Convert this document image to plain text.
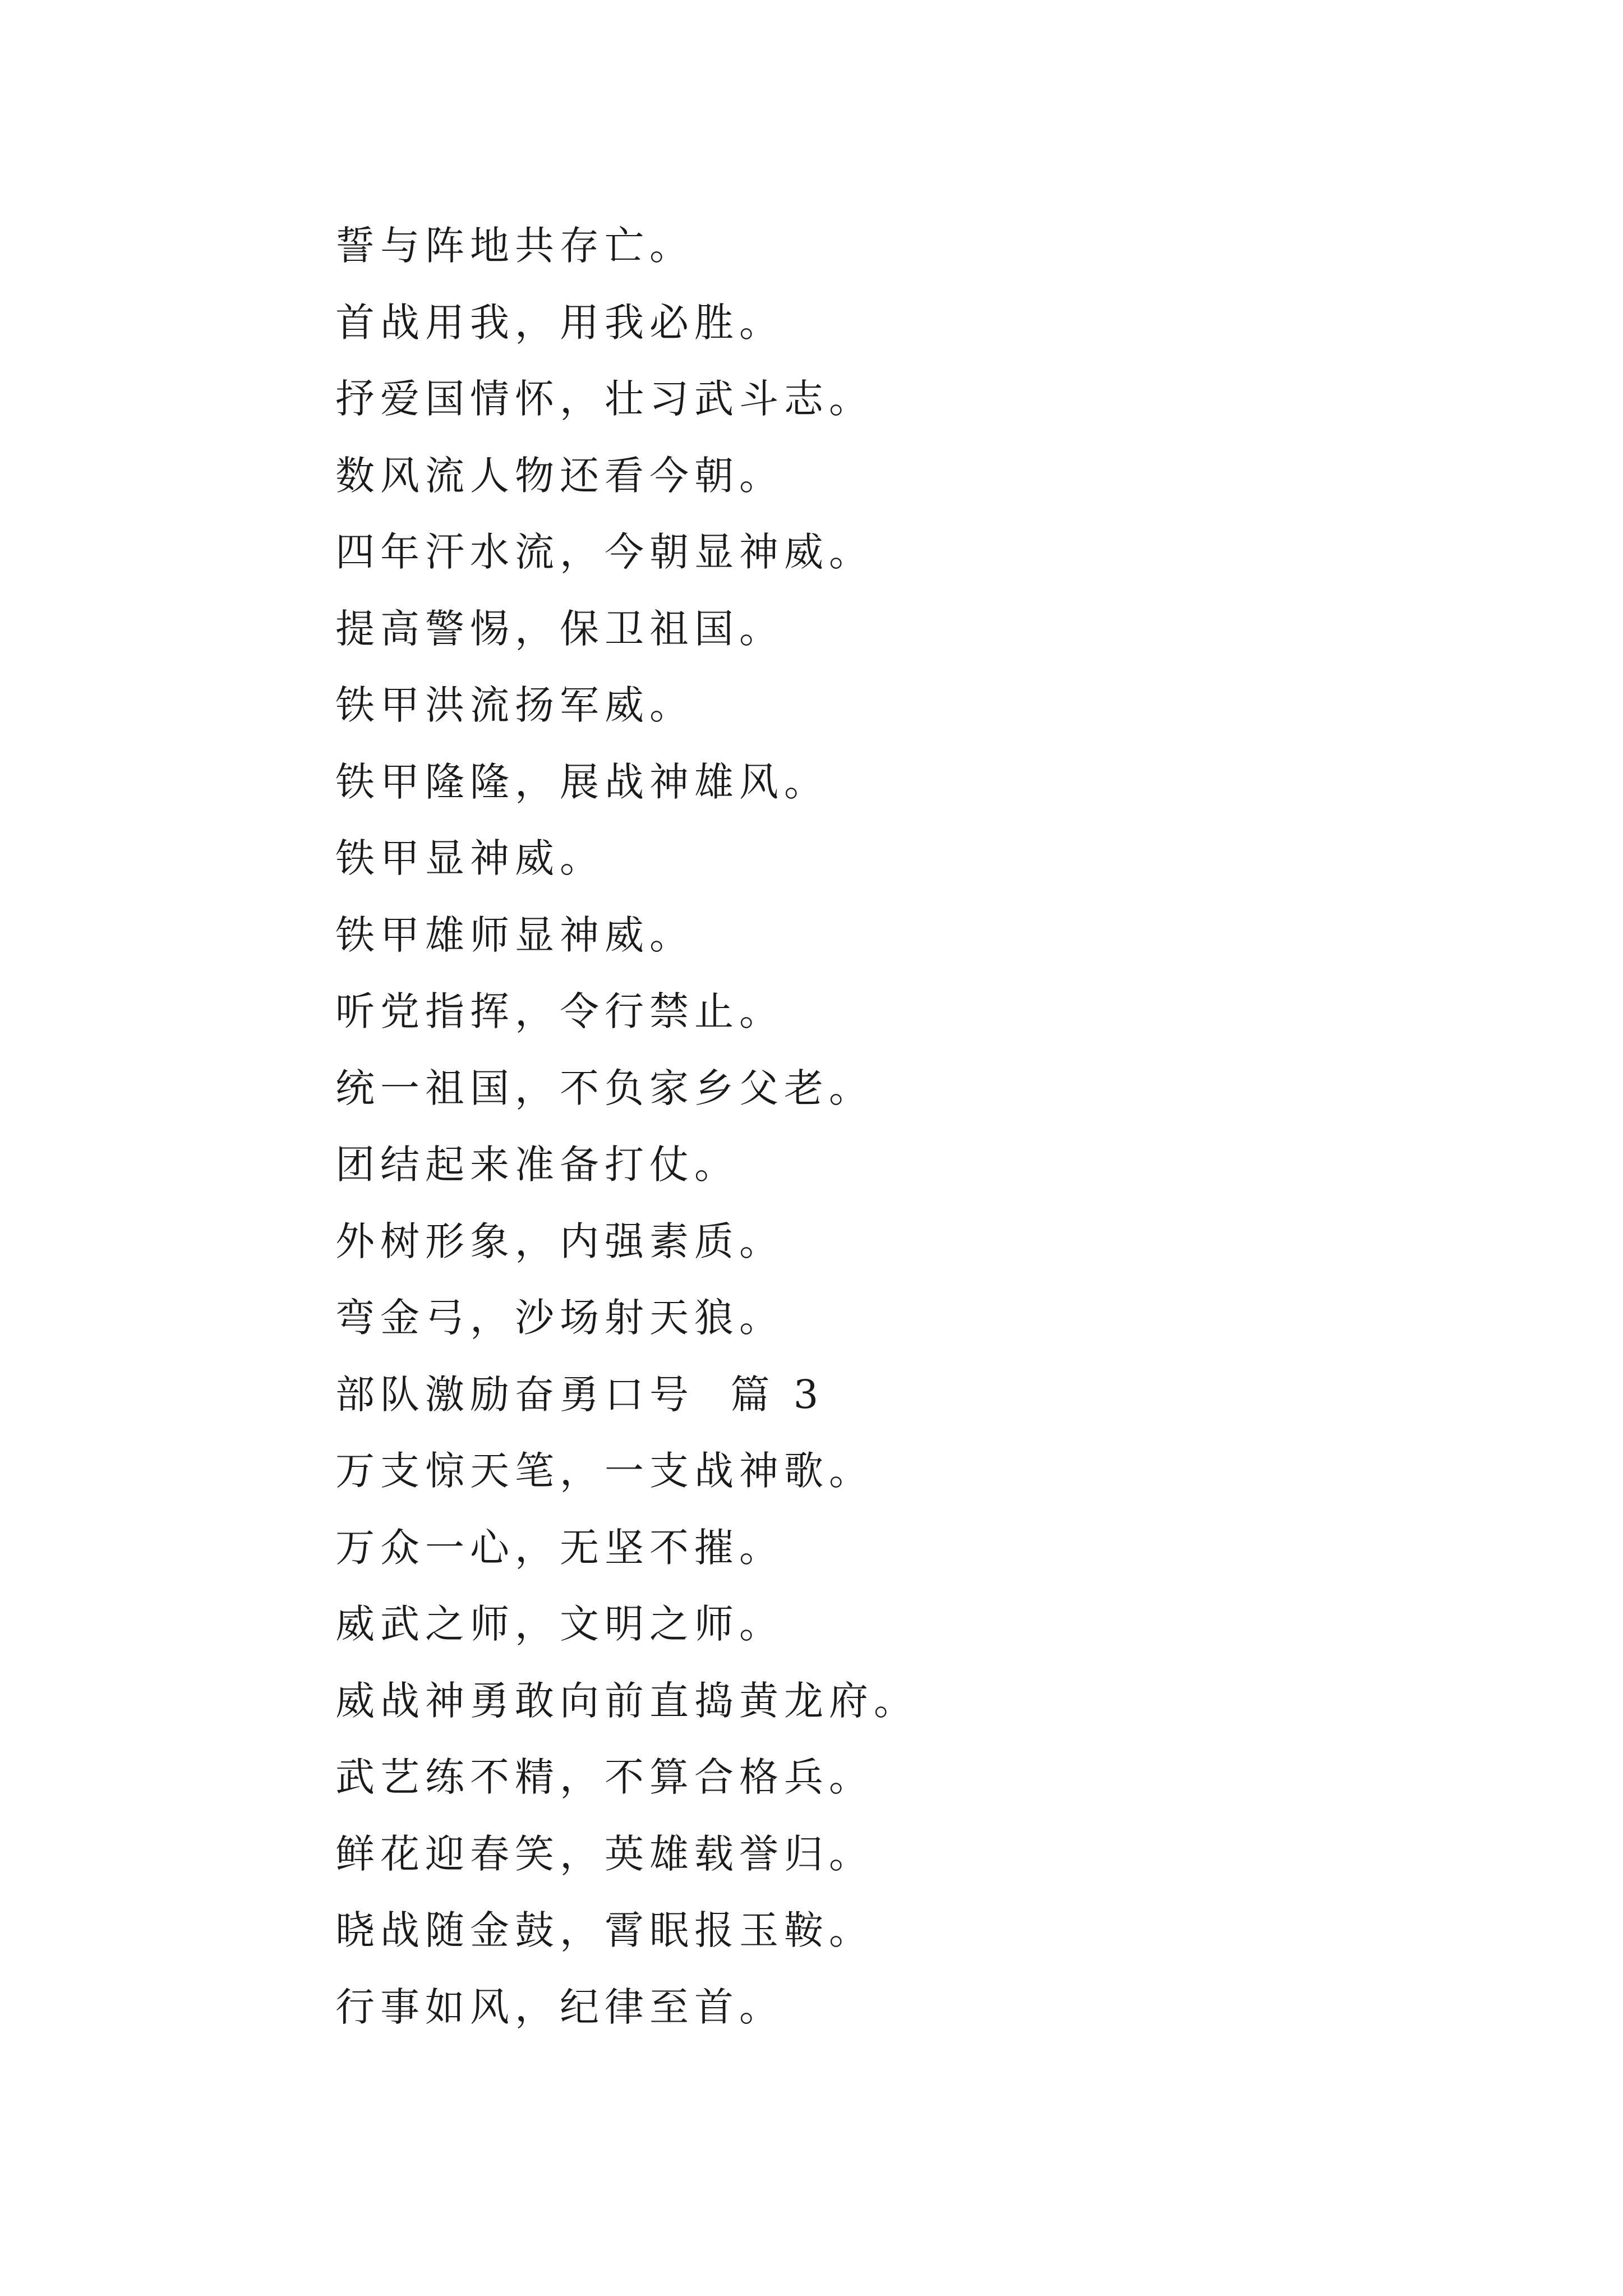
誓与阵地共存亡。
首战用我，用我必胜。
抒爱国情怀，壮习武斗志。
数风流人物还看今朝。
四年汗水流，今朝显神威。
提高警惕，保卫祖国。
铁甲洪流扬军威。
铁甲隆隆，展战神雄风。
铁甲显神威。
铁甲雄师显神威。
听党指挥，令行禁止。
统一祖国，不负家乡父老。
团结起来准备打仗。
外树形象，内强素质。
弯金弓，沙场射天狼。
部队激励奋勇口号  篇 3
万支惊天笔，一支战神歌。
万众一心，无坚不摧。
威武之师，文明之师。
威战神勇敢向前直捣黄龙府。
武艺练不精，不算合格兵。
鲜花迎春笑，英雄载誉归。
晓战随金鼓，霄眠报玉鞍。
行事如风，纪律至首。
